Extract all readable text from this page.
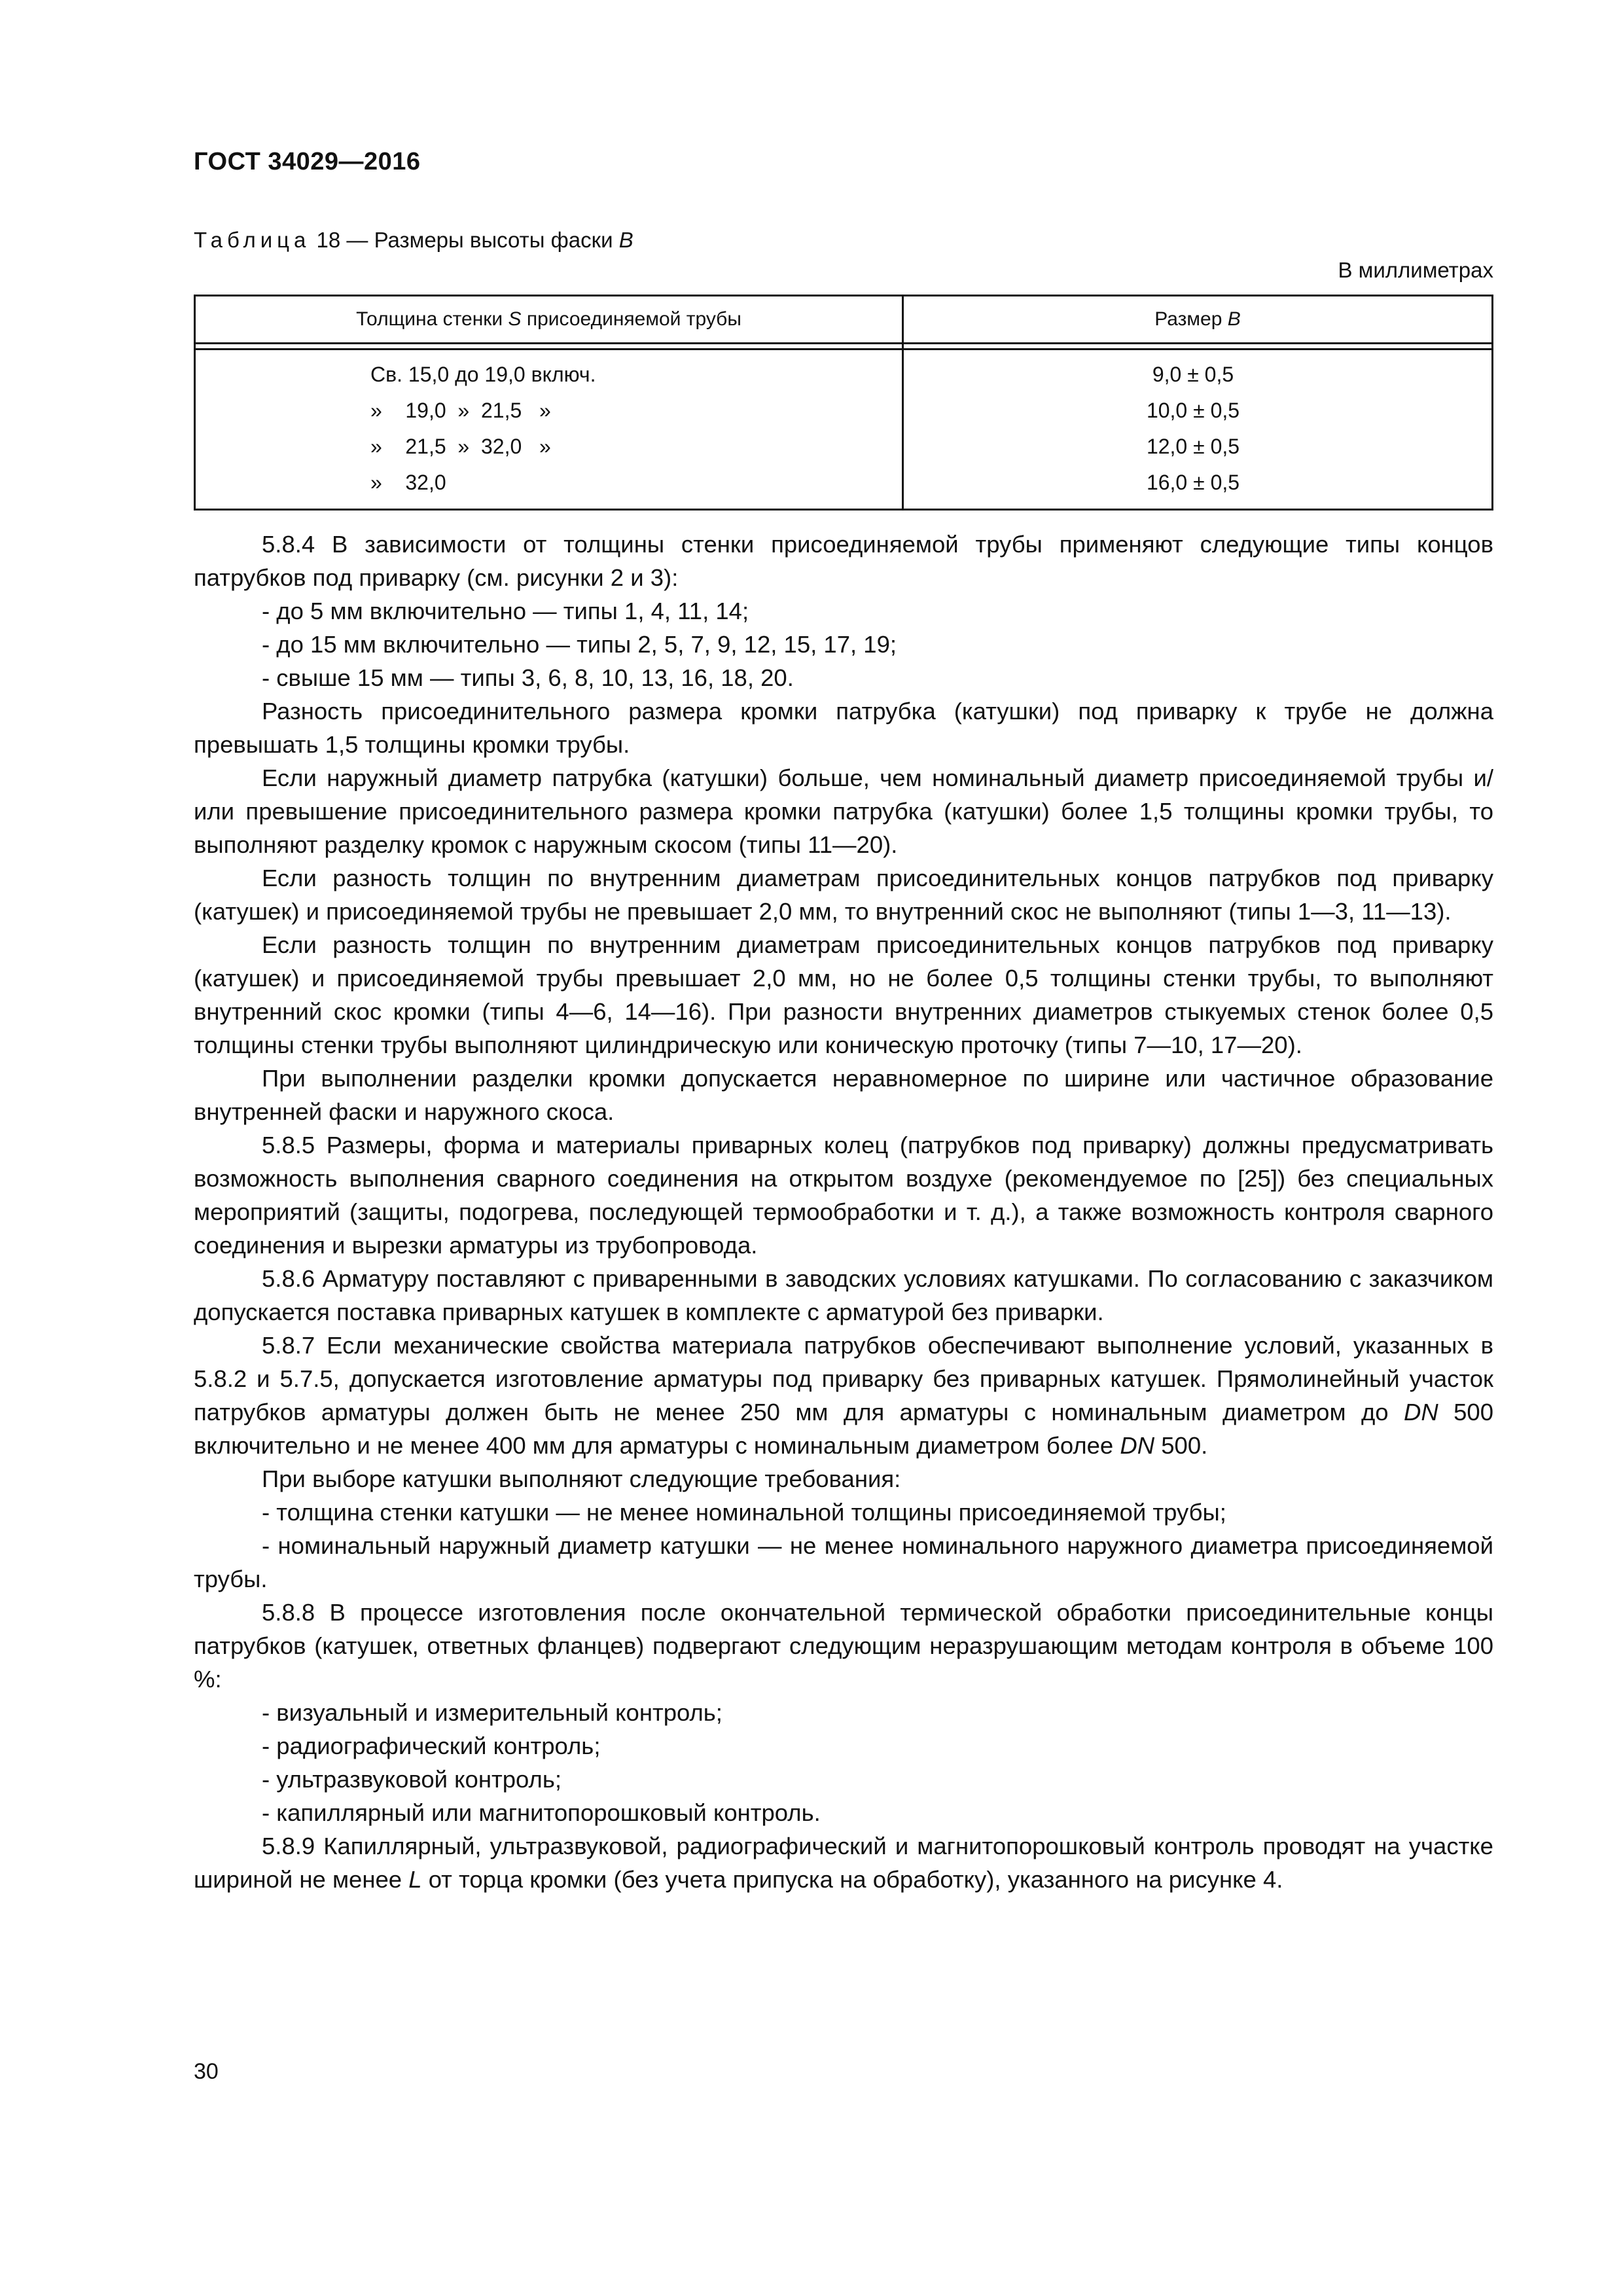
ГОСТ 34029—2016
Таблица 18 — Размеры высоты фаски B
В миллиметрах
Толщина стенки S присоединяемой трубы	Размер B
Св. 15,0 до 19,0 включ.
»    19,0  »  21,5   »
»    21,5  »  32,0   »
»    32,0
9,0 ± 0,5
10,0 ± 0,5
12,0 ± 0,5
16,0 ± 0,5

5.8.4 В зависимости от толщины стенки присоединяемой трубы применяют следующие типы концов патрубков под приварку (см. рисунки 2 и 3):

- до 5 мм включительно — типы 1, 4, 11, 14;

- до 15 мм включительно — типы 2, 5, 7, 9, 12, 15, 17, 19;

- свыше 15 мм — типы 3, 6, 8, 10, 13, 16, 18, 20.

Разность присоединительного размера кромки патрубка (катушки) под приварку к трубе не должна превышать 1,5 толщины кромки трубы.

Если наружный диаметр патрубка (катушки) больше, чем номинальный диаметр присоединяемой трубы и/или превышение присоединительного размера кромки патрубка (катушки) более 1,5 толщины кромки трубы, то выполняют разделку кромок с наружным скосом (типы 11—20).

Если разность толщин по внутренним диаметрам присоединительных концов патрубков под приварку (катушек) и присоединяемой трубы не превышает 2,0 мм, то внутренний скос не выполняют (типы 1—3, 11—13).

Если разность толщин по внутренним диаметрам присоединительных концов патрубков под приварку (катушек) и присоединяемой трубы превышает 2,0 мм, но не более 0,5 толщины стенки трубы, то выполняют внутренний скос кромки (типы 4—6, 14—16). При разности внутренних диаметров стыкуемых стенок более 0,5 толщины стенки трубы выполняют цилиндрическую или коническую проточку (типы 7—10, 17—20).

При выполнении разделки кромки допускается неравномерное по ширине или частичное образование внутренней фаски и наружного скоса.

5.8.5 Размеры, форма и материалы приварных колец (патрубков под приварку) должны предусматривать возможность выполнения сварного соединения на открытом воздухе (рекомендуемое по [25]) без специальных мероприятий (защиты, подогрева, последующей термообработки и т. д.), а также возможность контроля сварного соединения и вырезки арматуры из трубопровода.

5.8.6 Арматуру поставляют с приваренными в заводских условиях катушками. По согласованию с заказчиком допускается поставка приварных катушек в комплекте с арматурой без приварки.

5.8.7 Если механические свойства материала патрубков обеспечивают выполнение условий, указанных в 5.8.2 и 5.7.5, допускается изготовление арматуры под приварку без приварных катушек. Прямолинейный участок патрубков арматуры должен быть не менее 250 мм для арматуры с номинальным диаметром до DN 500 включительно и не менее 400 мм для арматуры с номинальным диаметром более DN 500.

При выборе катушки выполняют следующие требования:

- толщина стенки катушки — не менее номинальной толщины присоединяемой трубы;

- номинальный наружный диаметр катушки — не менее номинального наружного диаметра присоединяемой трубы.

5.8.8 В процессе изготовления после окончательной термической обработки присоединительные концы патрубков (катушек, ответных фланцев) подвергают следующим неразрушающим методам контроля в объеме 100 %:

- визуальный и измерительный контроль;

- радиографический контроль;

- ультразвуковой контроль;

- капиллярный или магнитопорошковый контроль.

5.8.9 Капиллярный, ультразвуковой, радиографический и магнитопорошковый контроль проводят на участке шириной не менее L от торца кромки (без учета припуска на обработку), указанного на рисунке 4.

30
